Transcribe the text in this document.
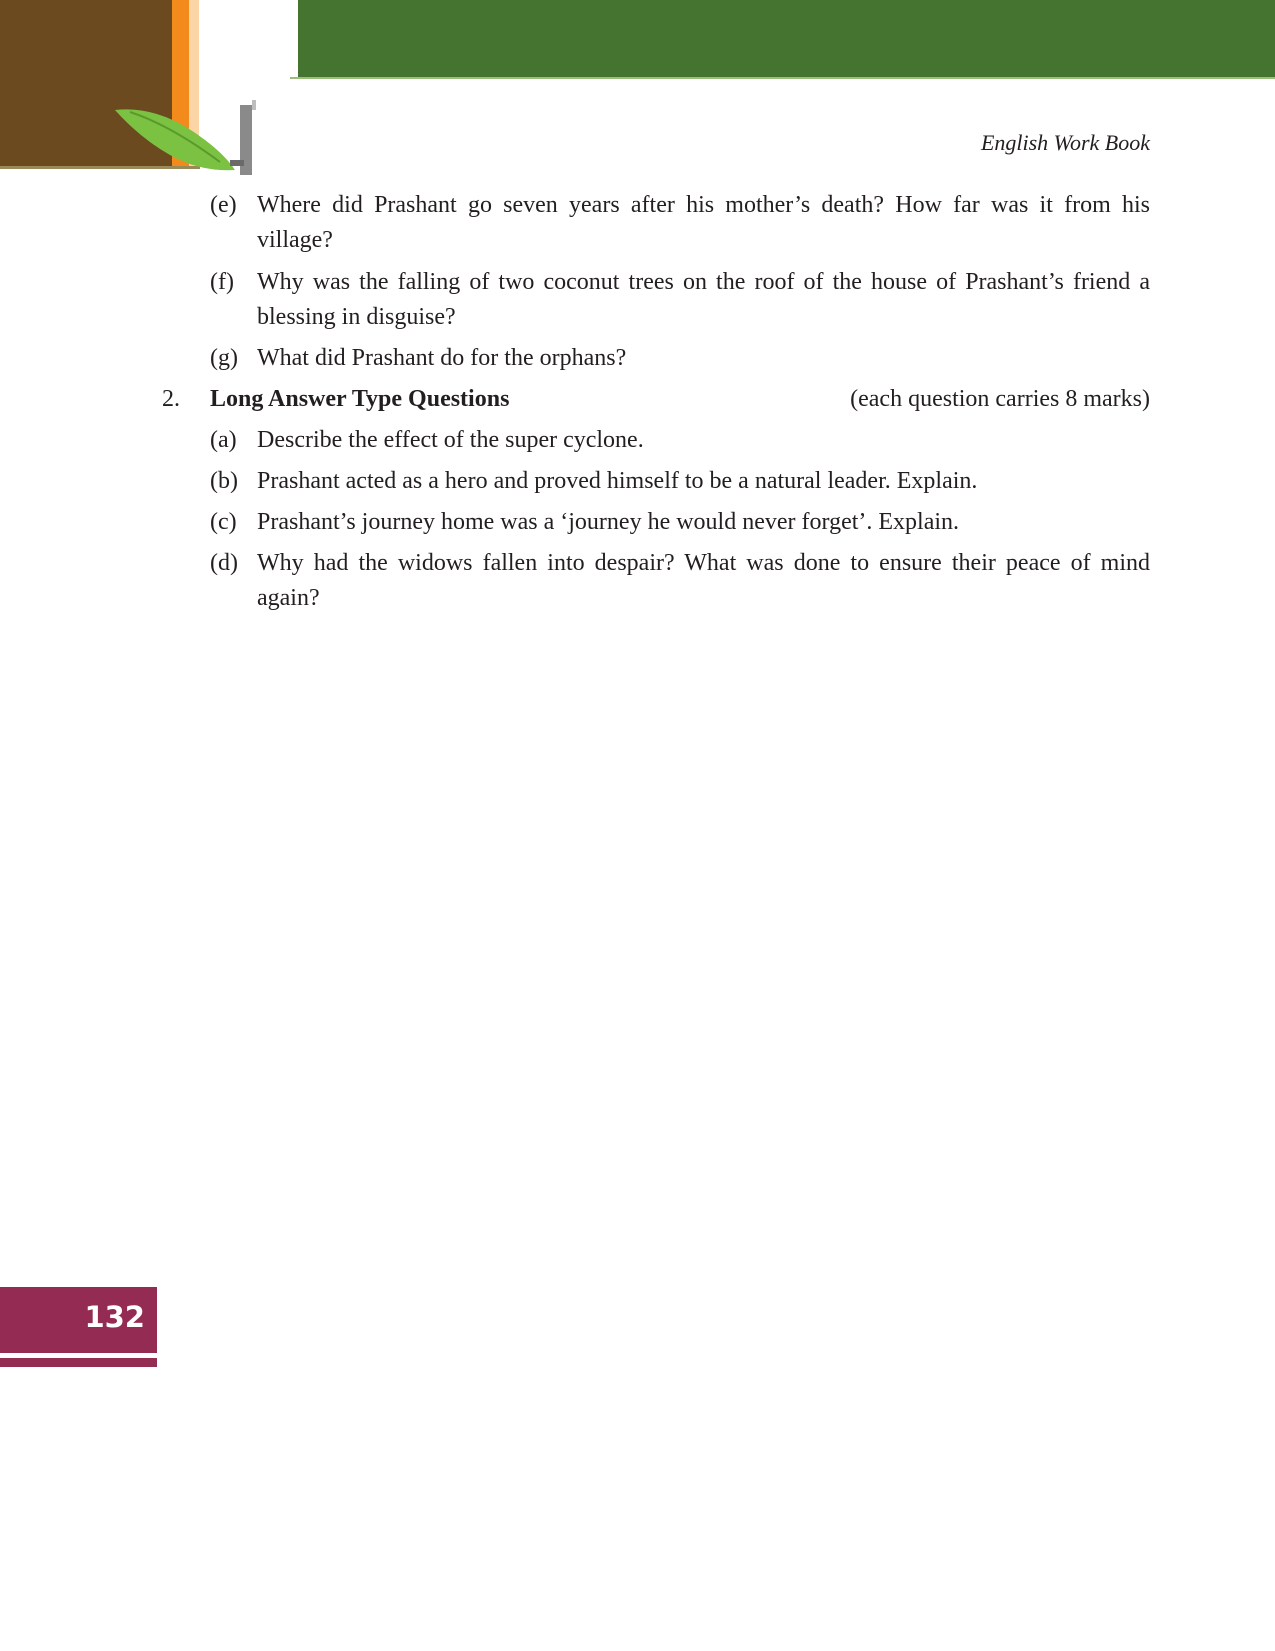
English Work Book
(e) Where did Prashant go seven years after his mother’s death? How far was it from his village?
(f) Why was the falling of two coconut trees on the roof of the house of Prashant’s friend a blessing in disguise?
(g) What did Prashant do for the orphans?
2. Long Answer Type Questions	(each question carries 8 marks)
(a) Describe the effect of the super cyclone.
(b) Prashant acted as a hero and proved himself to be a natural leader. Explain.
(c) Prashant’s journey home was a ‘journey he would never forget’. Explain.
(d) Why had the widows fallen into despair? What was done to ensure their peace of mind again?
132
